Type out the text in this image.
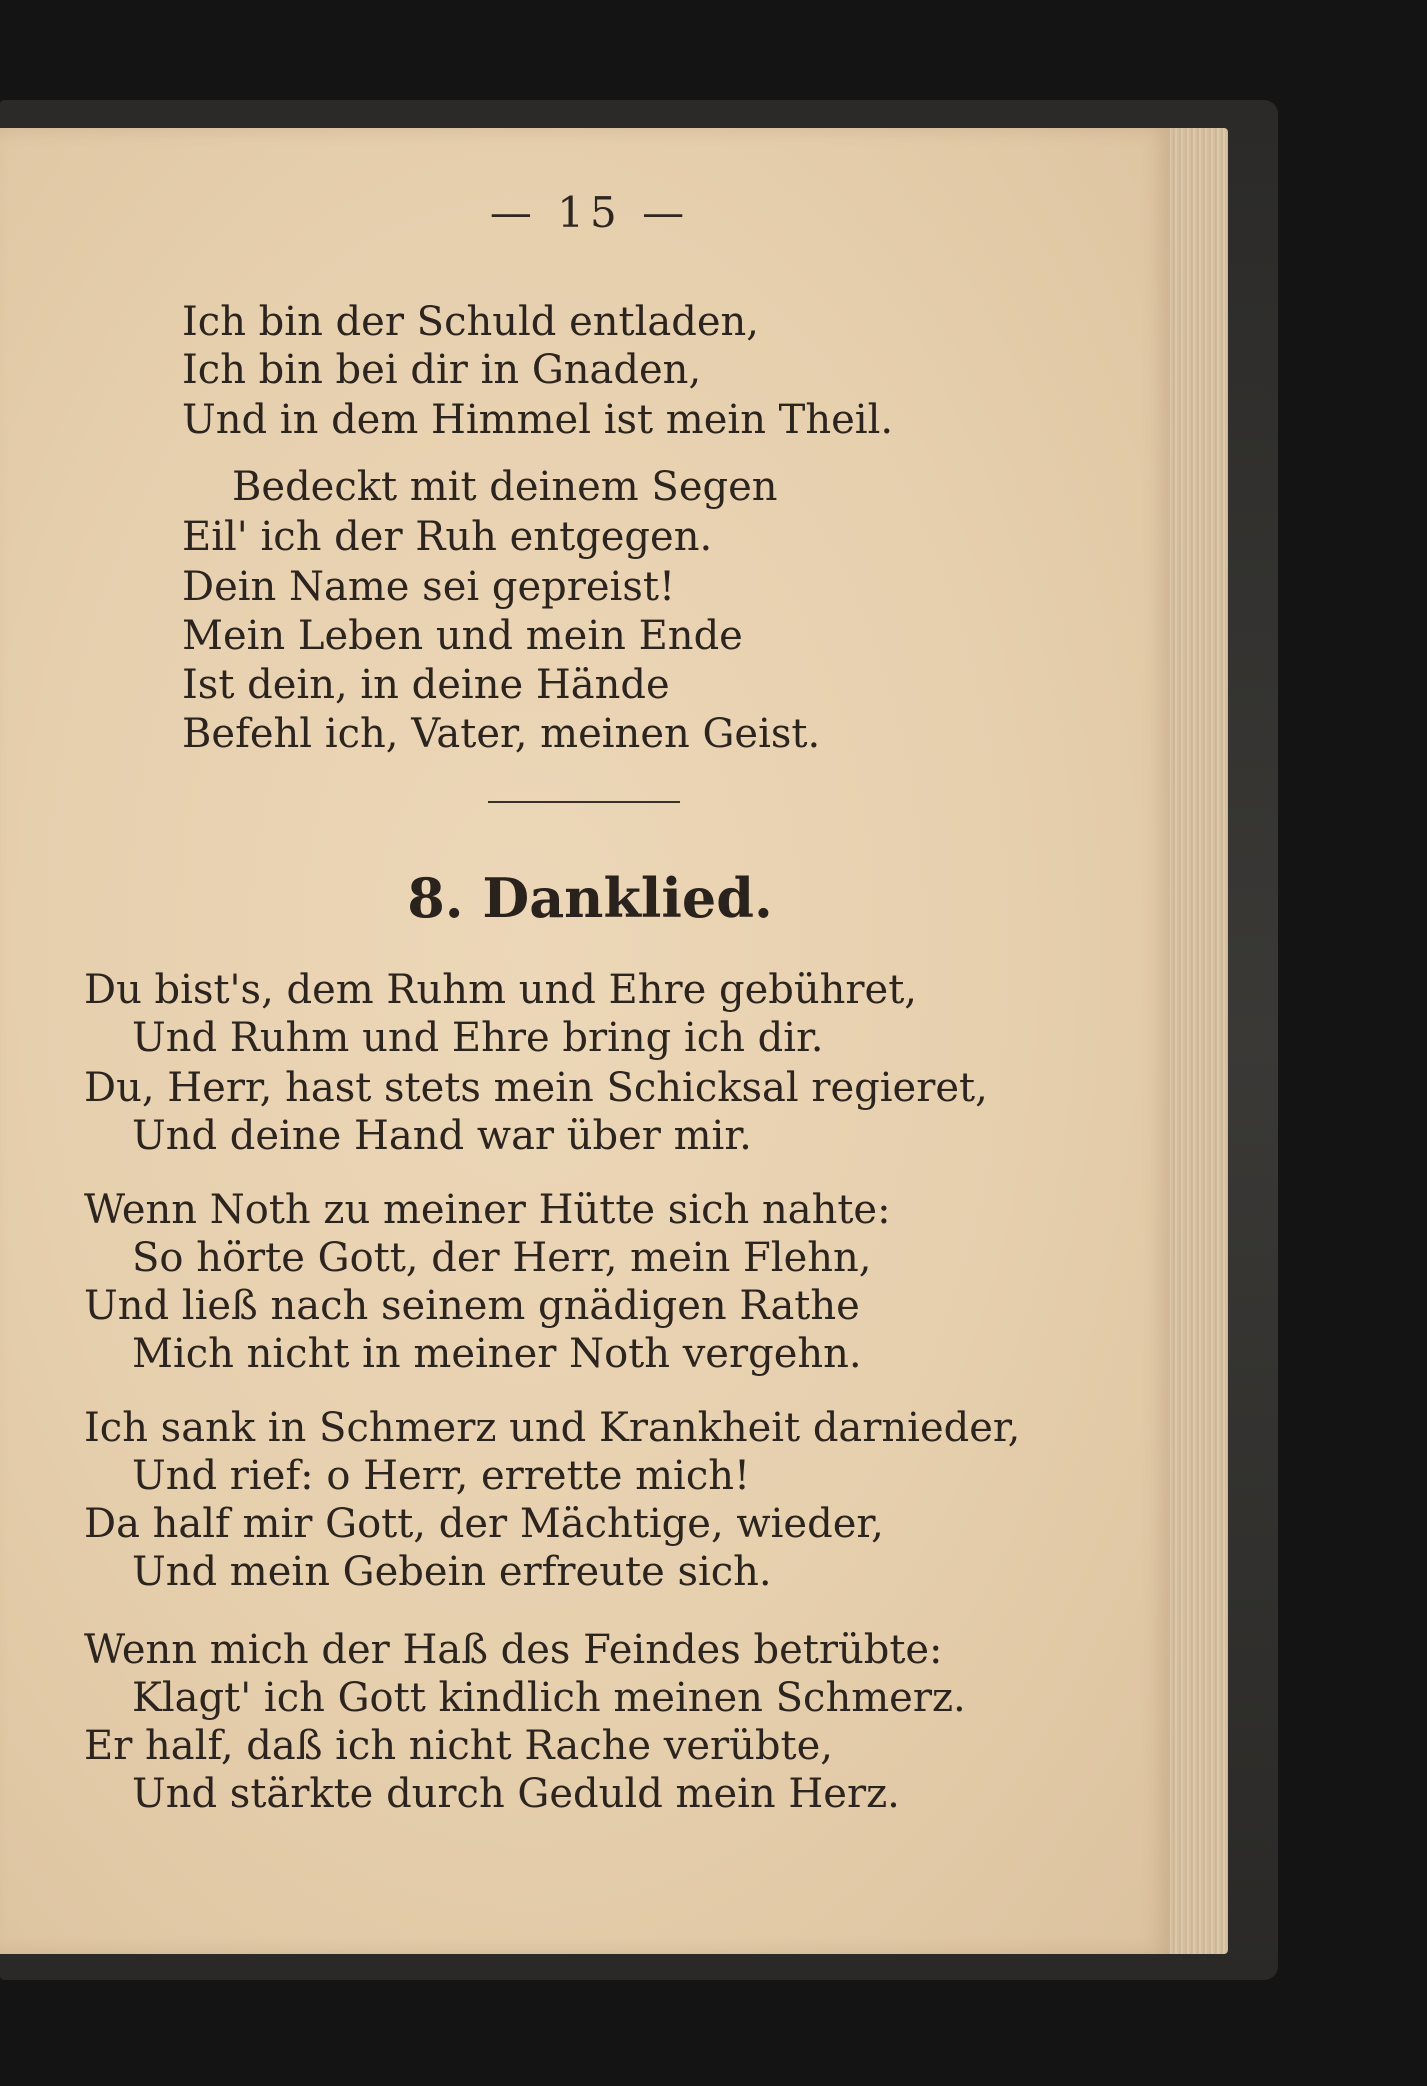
— 15 —
Ich bin der Schuld entladen,
Ich bin bei dir in Gnaden,
Und in dem Himmel ist mein Theil.
Bedeckt mit deinem Segen
Eil' ich der Ruh entgegen.
Dein Name sei gepreist!
Mein Leben und mein Ende
Ist dein, in deine Hände
Befehl ich, Vater, meinen Geist.
8. Danklied.
Du bist's, dem Ruhm und Ehre gebühret,
Und Ruhm und Ehre bring ich dir.
Du, Herr, hast stets mein Schicksal regieret,
Und deine Hand war über mir.
Wenn Noth zu meiner Hütte sich nahte:
So hörte Gott, der Herr, mein Flehn,
Und ließ nach seinem gnädigen Rathe
Mich nicht in meiner Noth vergehn.
Ich sank in Schmerz und Krankheit darnieder,
Und rief: o Herr, errette mich!
Da half mir Gott, der Mächtige, wieder,
Und mein Gebein erfreute sich.
Wenn mich der Haß des Feindes betrübte:
Klagt' ich Gott kindlich meinen Schmerz.
Er half, daß ich nicht Rache verübte,
Und stärkte durch Geduld mein Herz.
